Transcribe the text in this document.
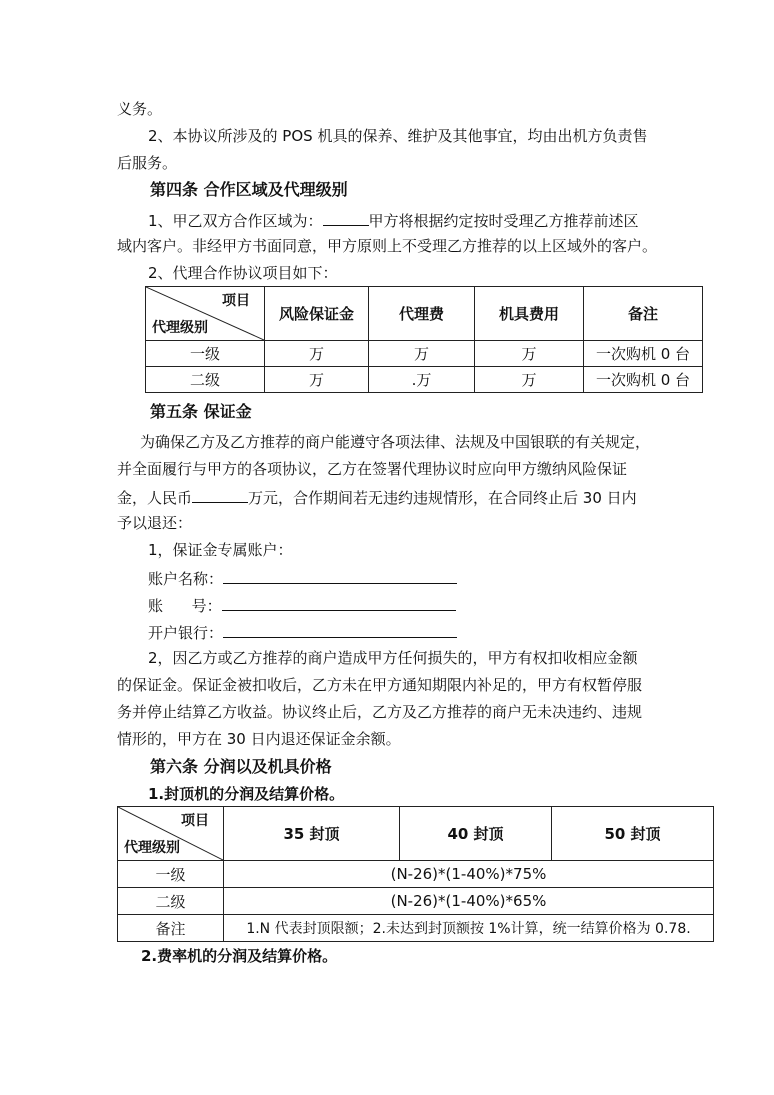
义务。
2、本协议所涉及的 POS 机具的保养、维护及其他事宜，均由出机方负责售
后服务。
第四条 合作区域及代理级别
1、甲乙双方合作区域为：	甲方将根据约定按时受理乙方推荐前述区
域内客户。非经甲方书面同意，甲方原则上不受理乙方推荐的以上区域外的客户。
2、代理合作协议项目如下：
项目
代理级别	风险保证金	代理费	机具费用	备注
一级	万	万	万	一次购机 0 台
二级	万	.万	万	一次购机 0 台
第五条 保证金
为确保乙方及乙方推荐的商户能遵守各项法律、法规及中国银联的有关规定，
并全面履行与甲方的各项协议，乙方在签署代理协议时应向甲方缴纳风险保证
金，人民币	万元，合作期间若无违约违规情形，在合同终止后 30 日内
予以退还：
1，保证金专属账户：
账户名称：
账      号：
开户银行：
2，因乙方或乙方推荐的商户造成甲方任何损失的，甲方有权扣收相应金额
的保证金。保证金被扣收后，乙方未在甲方通知期限内补足的，甲方有权暂停服
务并停止结算乙方收益。协议终止后，乙方及乙方推荐的商户无未决违约、违规
情形的，甲方在 30 日内退还保证金余额。
第六条 分润以及机具价格
1.封顶机的分润及结算价格。
项目
代理级别	35 封顶	40 封顶	50 封顶
一级	(N-26)*(1-40%)*75%		
二级	(N-26)*(1-40%)*65%		
备注	1.N 代表封顶限额；2.未达到封顶额按 1%计算，统一结算价格为 0.78.		
2.费率机的分润及结算价格。
